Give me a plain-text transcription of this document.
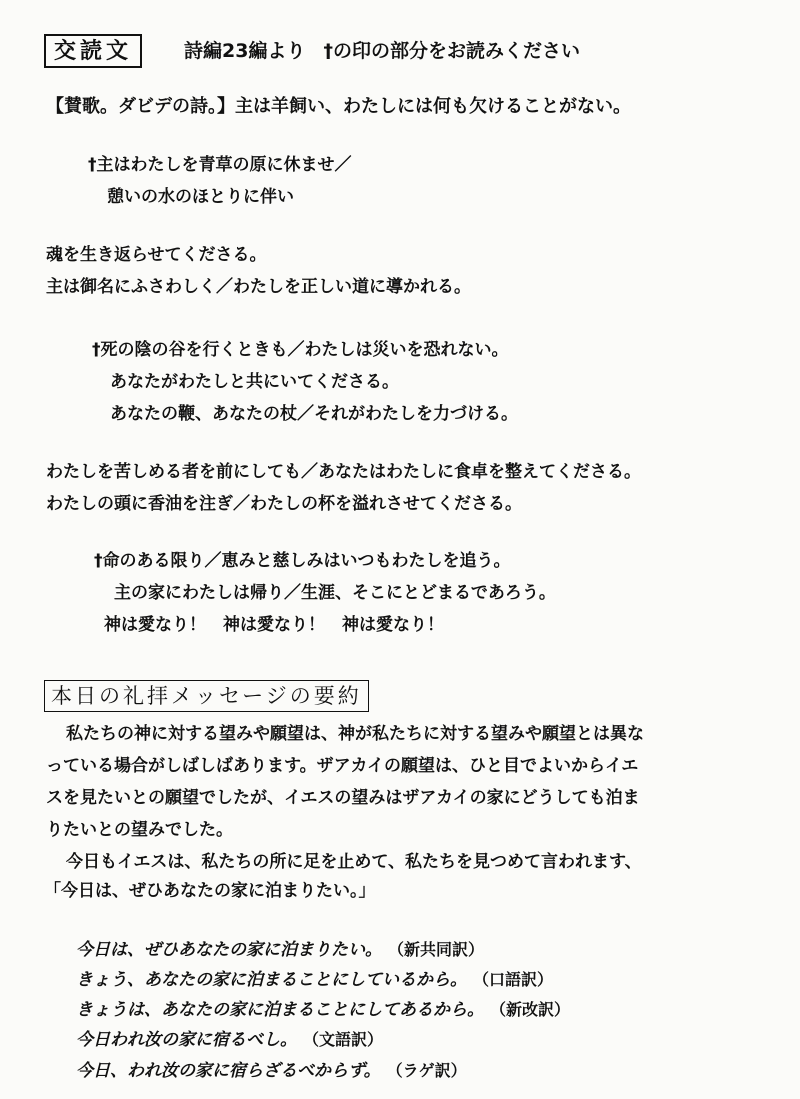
交読文	詩編23編より †の印の部分をお読みください
【賛歌。ダビデの詩。】主は羊飼い、わたしには何も欠けることがない。
†主はわたしを青草の原に休ませ／
憩いの水のほとりに伴い
魂を生き返らせてくださる。
主は御名にふさわしく／わたしを正しい道に導かれる。
†死の陰の谷を行くときも／わたしは災いを恐れない。
あなたがわたしと共にいてくださる。
あなたの鞭、あなたの杖／それがわたしを力づける。
わたしを苦しめる者を前にしても／あなたはわたしに食卓を整えてくださる。
わたしの頭に香油を注ぎ／わたしの杯を溢れさせてくださる。
†命のある限り／恵みと慈しみはいつもわたしを追う。
主の家にわたしは帰り／生涯、そこにとどまるであろう。
神は愛なり！　神は愛なり！　神は愛なり！
本日の礼拝メッセージの要約
私たちの神に対する望みや願望は、神が私たちに対する望みや願望とは異な
っている場合がしばしばあります。ザアカイの願望は、ひと目でよいからイエ
スを見たいとの願望でしたが、イエスの望みはザアカイの家にどうしても泊ま
りたいとの望みでした。
今日もイエスは、私たちの所に足を止めて、私たちを見つめて言われます、
「今日は、ぜひあなたの家に泊まりたい。」
今日は、ぜひあなたの家に泊まりたい。 （新共同訳）
きょう、あなたの家に泊まることにしているから。 （口語訳）
きょうは、あなたの家に泊まることにしてあるから。 （新改訳）
今日われ汝の家に宿るべし。 （文語訳）
今日、われ汝の家に宿らざるべからず。 （ラゲ訳）
